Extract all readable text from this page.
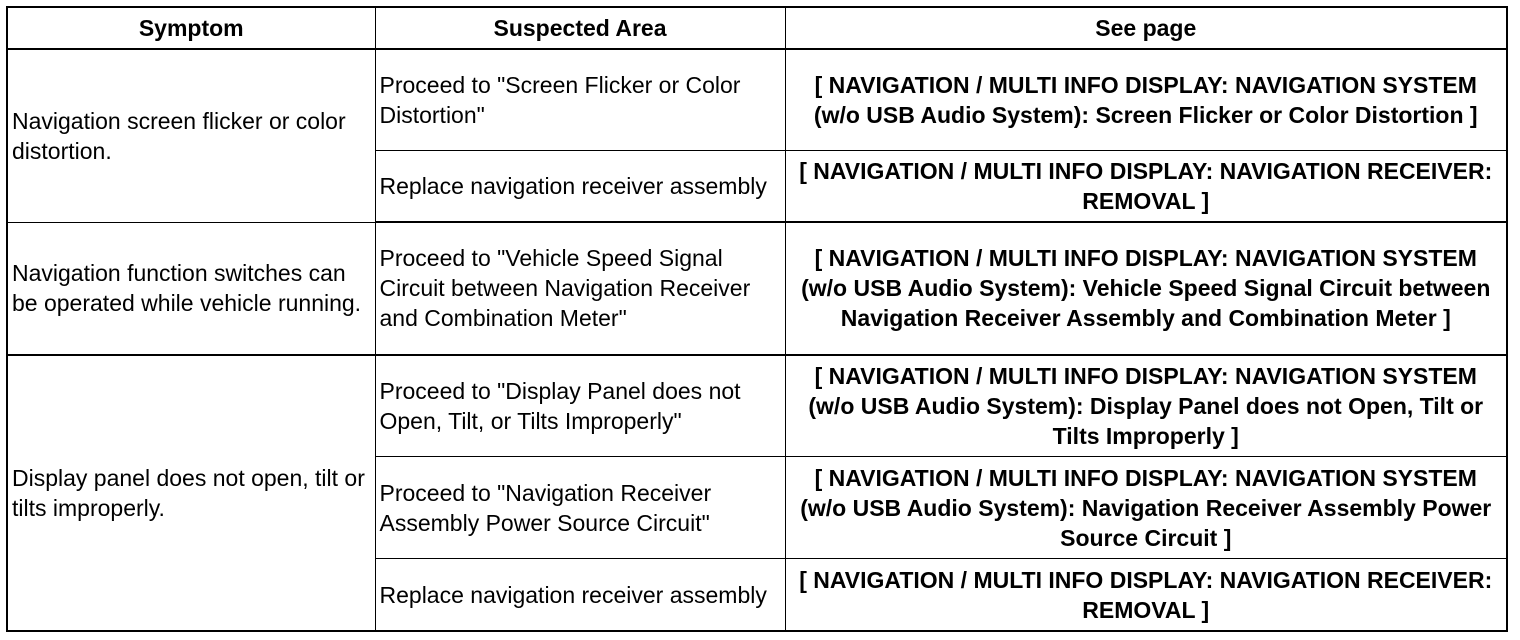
Symptom	Suspected Area	See page
Navigation screen flicker or color distortion.	Proceed to "Screen Flicker or Color Distortion"	[ NAVIGATION / MULTI INFO DISPLAY: NAVIGATION SYSTEM (w/o USB Audio System): Screen Flicker or Color Distortion ]
	Replace navigation receiver assembly	[ NAVIGATION / MULTI INFO DISPLAY: NAVIGATION RECEIVER: REMOVAL ]
Navigation function switches can be operated while vehicle running.	Proceed to "Vehicle Speed Signal Circuit between Navigation Receiver and Combination Meter"	[ NAVIGATION / MULTI INFO DISPLAY: NAVIGATION SYSTEM (w/o USB Audio System): Vehicle Speed Signal Circuit between Navigation Receiver Assembly and Combination Meter ]
Display panel does not open, tilt or tilts improperly.	Proceed to "Display Panel does not Open, Tilt, or Tilts Improperly"	[ NAVIGATION / MULTI INFO DISPLAY: NAVIGATION SYSTEM (w/o USB Audio System): Display Panel does not Open, Tilt or Tilts Improperly ]
	Proceed to "Navigation Receiver Assembly Power Source Circuit"	[ NAVIGATION / MULTI INFO DISPLAY: NAVIGATION SYSTEM (w/o USB Audio System): Navigation Receiver Assembly Power Source Circuit ]
	Replace navigation receiver assembly	[ NAVIGATION / MULTI INFO DISPLAY: NAVIGATION RECEIVER: REMOVAL ]
